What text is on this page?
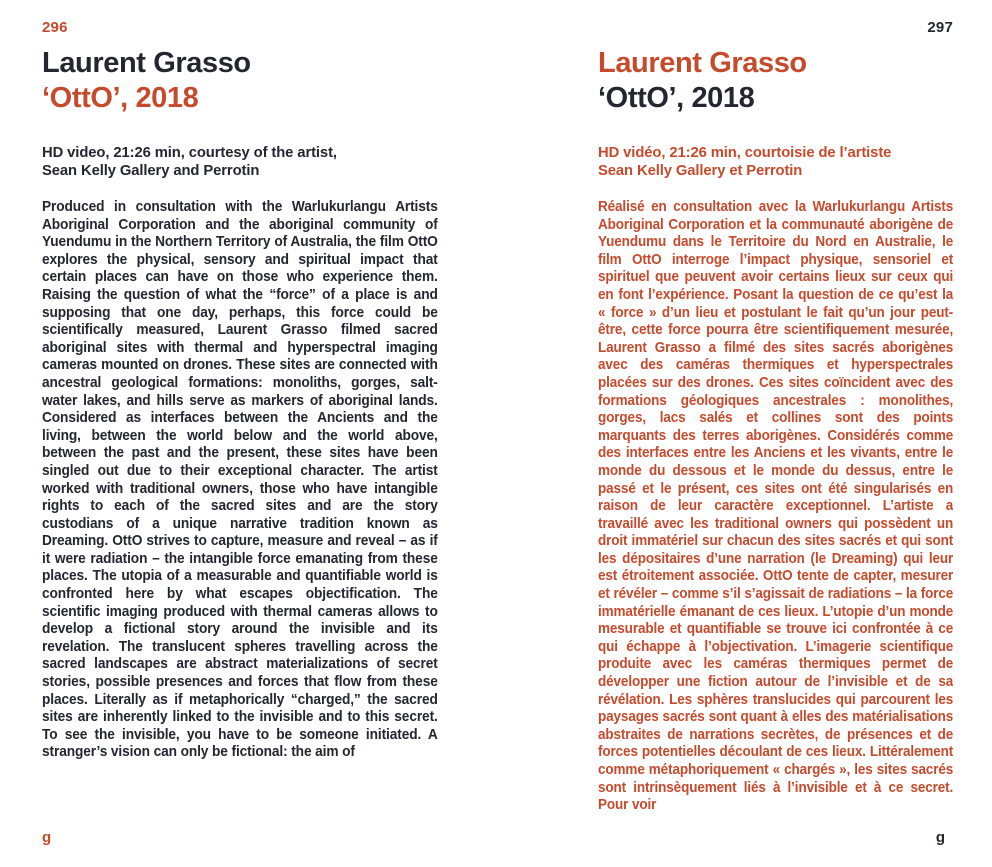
296
Laurent Grasso
‘OttO’, 2018
HD video, 21:26 min, courtesy of the artist,
Sean Kelly Gallery and Perrotin
Produced in consultation with the Warlukurlangu Artists Aboriginal Corporation and the aboriginal community of Yuendumu in the Northern Territory of Australia, the film OttO explores the physical, sensory and spiritual impact that certain places can have on those who experience them. Raising the question of what the “force” of a place is and supposing that one day, perhaps, this force could be scientifically measured, Laurent Grasso filmed sacred aboriginal sites with thermal and hyperspectral imaging cameras mounted on drones. These sites are connected with ancestral geological formations: monoliths, gorges, salt-water lakes, and hills serve as markers of aboriginal lands. Considered as interfaces between the Ancients and the living, between the world below and the world above, between the past and the present, these sites have been singled out due to their exceptional character. The artist worked with traditional owners, those who have intangible rights to each of the sacred sites and are the story custodians of a unique narrative tradition known as Dreaming. OttO strives to capture, measure and reveal – as if it were radiation – the intangible force emanating from these places. The utopia of a measurable and quantifiable world is confronted here by what escapes objectification. The scientific imaging produced with thermal cameras allows to develop a fictional story around the invisible and its revelation. The translucent spheres travelling across the sacred landscapes are abstract materializations of secret stories, possible presences and forces that flow from these places. Literally as if metaphorically “charged,” the sacred sites are inherently linked to the invisible and to this secret. To see the invisible, you have to be someone initiated. A stranger’s vision can only be fictional: the aim of
g
297
Laurent Grasso
‘OttO’, 2018
HD vidéo, 21:26 min, courtoisie de l’artiste
Sean Kelly Gallery et Perrotin
Réalisé en consultation avec la Warlukurlangu Artists Aboriginal Corporation et la communauté aborigène de Yuendumu dans le Territoire du Nord en Australie, le film OttO interroge l’impact physique, sensoriel et spirituel que peuvent avoir certains lieux sur ceux qui en font l’expérience. Posant la question de ce qu’est la « force » d’un lieu et postulant le fait qu’un jour peut-être, cette force pourra être scientifiquement mesurée, Laurent Grasso a filmé des sites sacrés aborigènes avec des caméras thermiques et hyperspectrales placées sur des drones. Ces sites coïncident avec des formations géologiques ancestrales : monolithes, gorges, lacs salés et collines sont des points marquants des terres aborigènes. Considérés comme des interfaces entre les Anciens et les vivants, entre le monde du dessous et le monde du dessus, entre le passé et le présent, ces sites ont été singularisés en raison de leur caractère exceptionnel. L’artiste a travaillé avec les traditional owners qui possèdent un droit immatériel sur chacun des sites sacrés et qui sont les dépositaires d’une narration (le Dreaming) qui leur est étroitement associée. OttO tente de capter, mesurer et révéler – comme s’il s’agissait de radiations – la force immatérielle émanant de ces lieux. L’utopie d’un monde mesurable et quantifiable se trouve ici confrontée à ce qui échappe à l’objectivation. L’imagerie scientifique produite avec les caméras thermiques permet de développer une fiction autour de l’invisible et de sa révélation. Les sphères translucides qui parcourent les paysages sacrés sont quant à elles des matérialisations abstraites de narrations secrètes, de présences et de forces potentielles découlant de ces lieux. Littéralement comme métaphoriquement « chargés », les sites sacrés sont intrinsèquement liés à l’invisible et à ce secret. Pour voir
g
